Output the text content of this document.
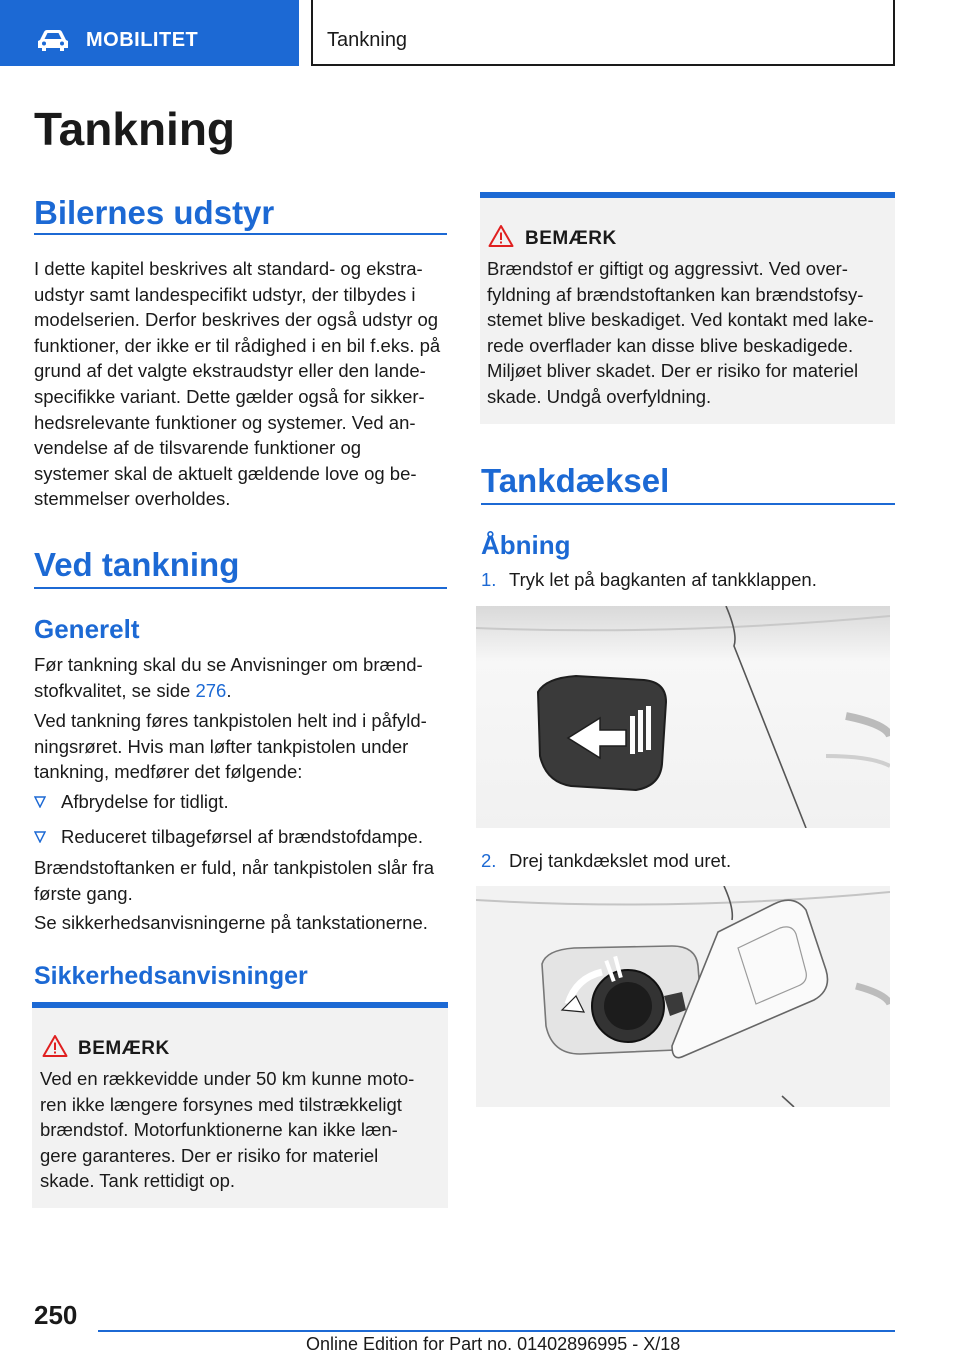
MOBILITET	Tankning
Tankning
Bilernes udstyr
I dette kapitel beskrives alt standard- og ekstra-
udstyr samt landespecifikt udstyr, der tilbydes i
modelserien. Derfor beskrives der også udstyr og
funktioner, der ikke er til rådighed i en bil f.eks. på
grund af det valgte ekstraudstyr eller den lande-
specifikke variant. Dette gælder også for sikker-
hedsrelevante funktioner og systemer. Ved an-
vendelse af de tilsvarende funktioner og
systemer skal de aktuelt gældende love og be-
stemmelser overholdes.
Ved tankning
Generelt
Før tankning skal du se Anvisninger om brænd-
stofkvalitet, se side 276.
Ved tankning føres tankpistolen helt ind i påfyld-
ningsrøret. Hvis man løfter tankpistolen under
tankning, medfører det følgende:
Afbrydelse for tidligt.
Reduceret tilbageførsel af brændstofdampe.
Brændstoftanken er fuld, når tankpistolen slår fra
første gang.
Se sikkerhedsanvisningerne på tankstationerne.
Sikkerhedsanvisninger
BEMÆRK
Ved en rækkevidde under 50 km kunne moto-
ren ikke længere forsynes med tilstrækkeligt
brændstof. Motorfunktionerne kan ikke læn-
gere garanteres. Der er risiko for materiel
skade. Tank rettidigt op.
BEMÆRK
Brændstof er giftigt og aggressivt. Ved over-
fyldning af brændstoftanken kan brændstofsy-
stemet blive beskadiget. Ved kontakt med lake-
rede overflader kan disse blive beskadigede.
Miljøet bliver skadet. Der er risiko for materiel
skade. Undgå overfyldning.
Tankdæksel
Åbning
1. Tryk let på bagkanten af tankklappen.
2. Drej tankdækslet mod uret.
250
Online Edition for Part no. 01402896995 - X/18
